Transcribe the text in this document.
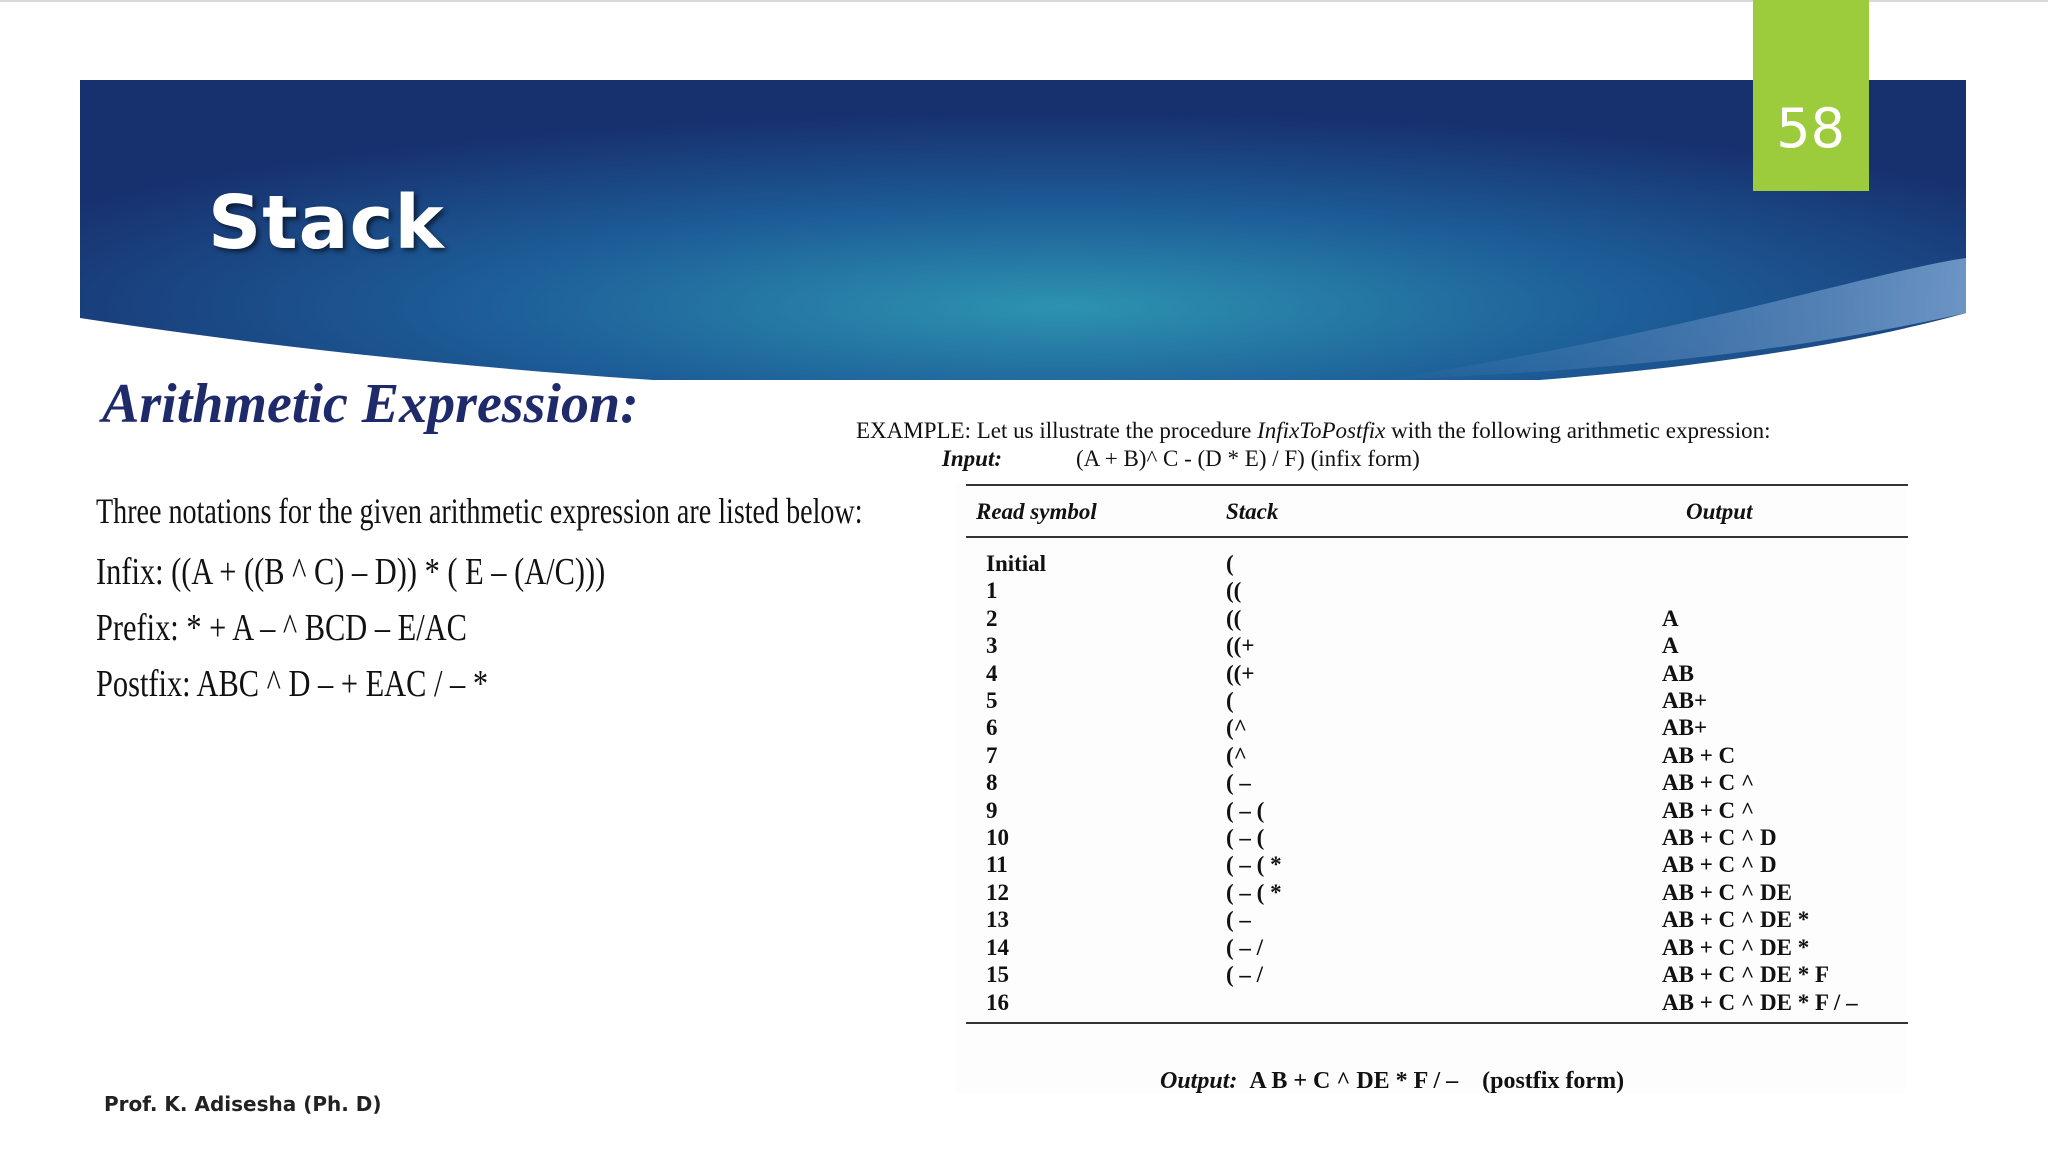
58
Stack
Arithmetic Expression:
Three notations for the given arithmetic expression are listed below:
Infix: ((A + ((B ^ C) – D)) * ( E – (A/C)))
Prefix: * + A – ^ BCD – E/AC
Postfix: ABC ^ D – + EAC / – *
EXAMPLE: Let us illustrate the procedure InfixToPostfix with the following arithmetic expression:
Input:	(A + B)^ C - (D * E) / F) (infix form)
Read symbol	Stack	Output
Initial	(	
1	((	
2	((	A
3	((+	A
4	((+	AB
5	(	AB+
6	(^	AB+
7	(^	AB + C
8	( –	AB + C ^
9	( – (	AB + C ^
10	( – (	AB + C ^ D
11	( – ( *	AB + C ^ D
12	( – ( *	AB + C ^ DE
13	( –	AB + C ^ DE *
14	( – /	AB + C ^ DE *
15	( – /	AB + C ^ DE * F
16		AB + C ^ DE * F / –
Output: A B + C ^ DE * F / – (postfix form)
Prof. K. Adisesha (Ph. D)
